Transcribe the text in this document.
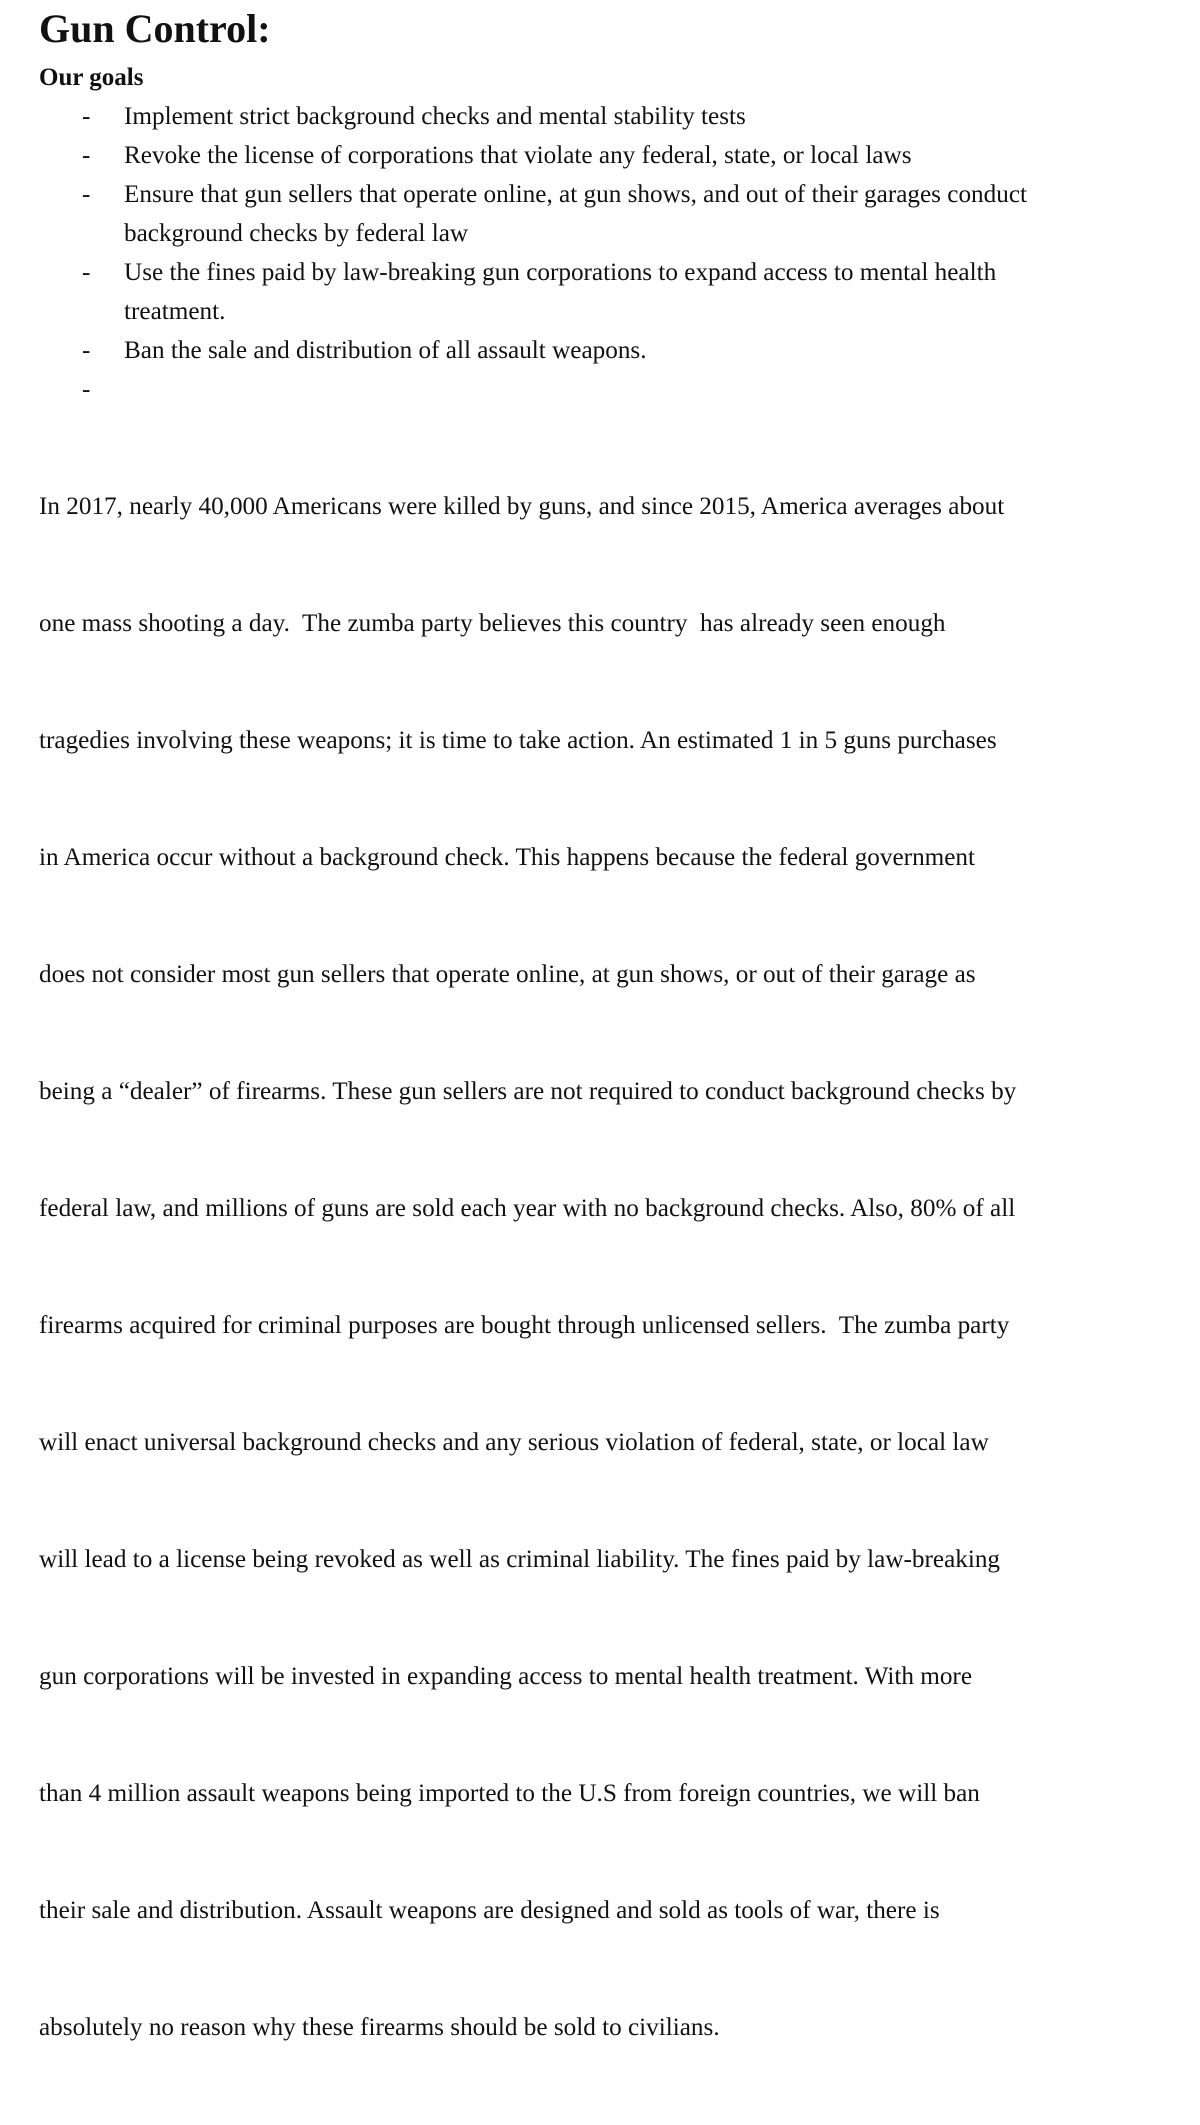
Gun Control:
Our goals
- Implement strict background checks and mental stability tests
- Revoke the license of corporations that violate any federal, state, or local laws
- Ensure that gun sellers that operate online, at gun shows, and out of their garages conduct
background checks by federal law
- Use the fines paid by law-breaking gun corporations to expand access to mental health
treatment.
- Ban the sale and distribution of all assault weapons.
-

In 2017, nearly 40,000 Americans were killed by guns, and since 2015, America averages about

one mass shooting a day.  The zumba party believes this country  has already seen enough

tragedies involving these weapons; it is time to take action. An estimated 1 in 5 guns purchases

in America occur without a background check. This happens because the federal government

does not consider most gun sellers that operate online, at gun shows, or out of their garage as

being a “dealer” of firearms. These gun sellers are not required to conduct background checks by

federal law, and millions of guns are sold each year with no background checks. Also, 80% of all

firearms acquired for criminal purposes are bought through unlicensed sellers.  The zumba party

will enact universal background checks and any serious violation of federal, state, or local law

will lead to a license being revoked as well as criminal liability. The fines paid by law-breaking

gun corporations will be invested in expanding access to mental health treatment. With more

than 4 million assault weapons being imported to the U.S from foreign countries, we will ban

their sale and distribution. Assault weapons are designed and sold as tools of war, there is

absolutely no reason why these firearms should be sold to civilians.
